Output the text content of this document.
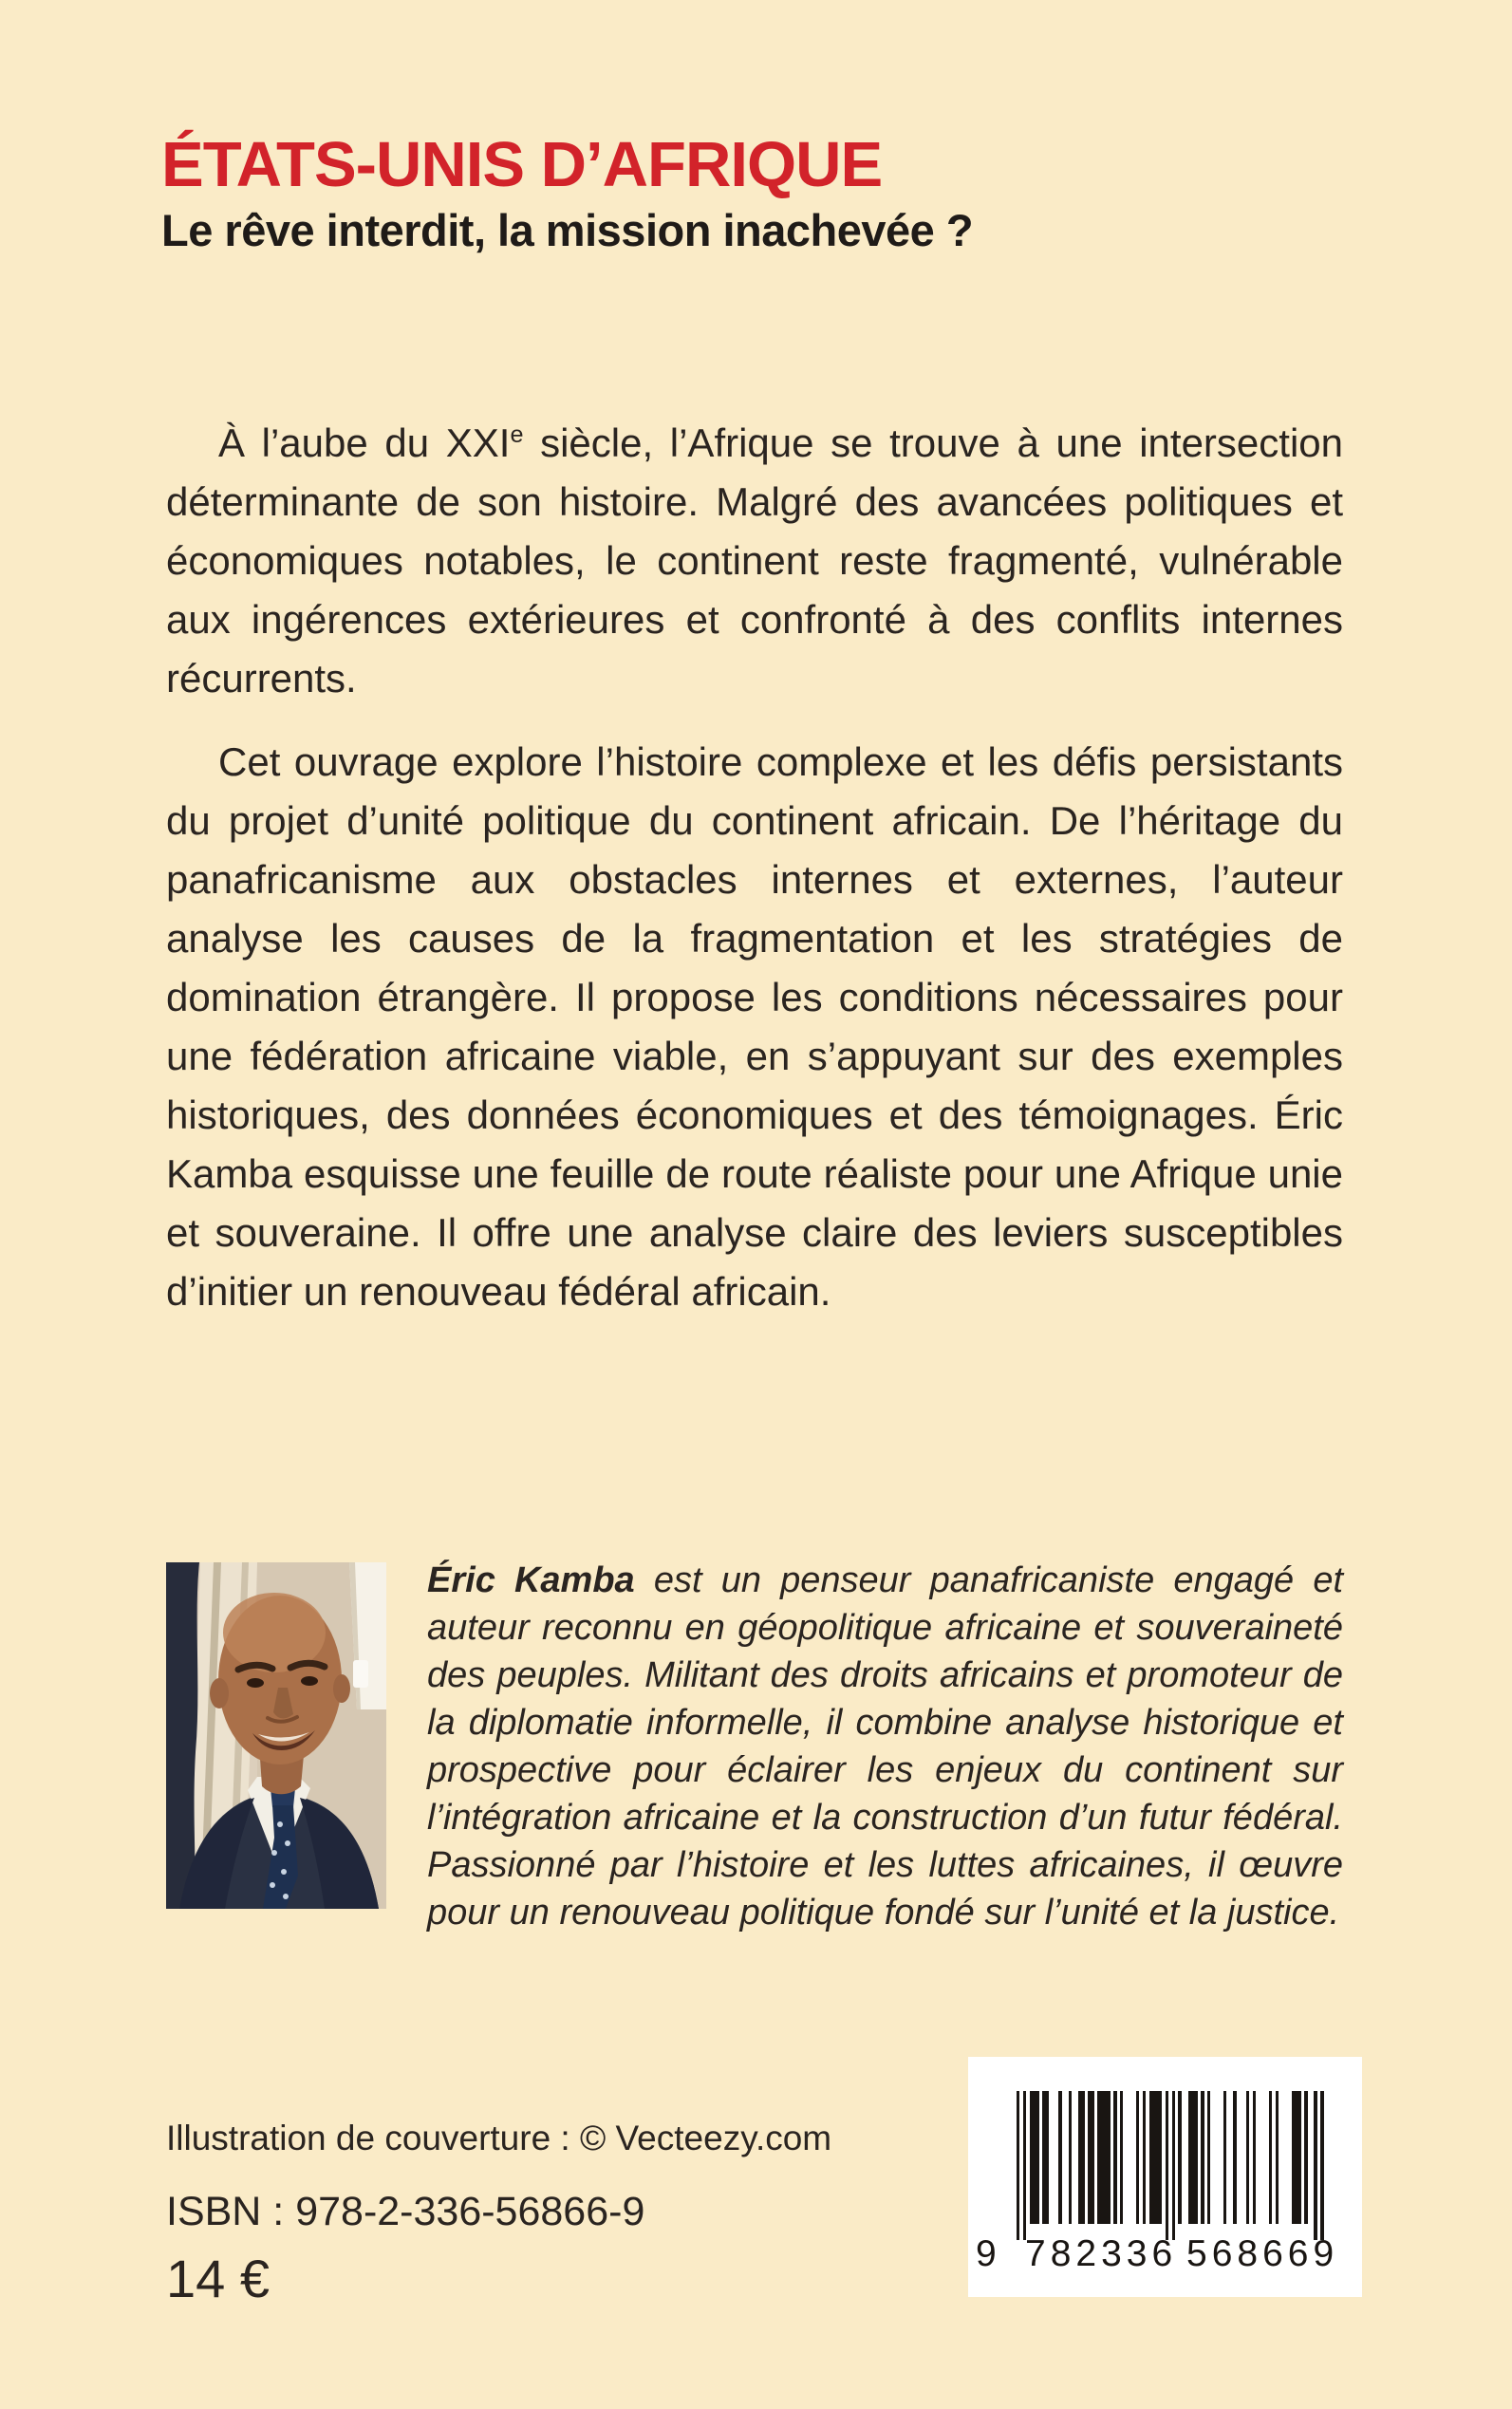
ÉTATS-UNIS D’AFRIQUE
Le rêve interdit, la mission inachevée ?

À l’aube du XXIe siècle, l’Afrique se trouve à une intersection déterminante de son histoire. Malgré des avancées politiques et économiques notables, le continent reste fragmenté, vulnérable aux ingérences extérieures et confronté à des conflits internes récurrents.

Cet ouvrage explore l’histoire complexe et les défis persistants du projet d’unité politique du continent africain. De l’héritage du panafricanisme aux obstacles internes et externes, l’auteur analyse les causes de la fragmentation et les stratégies de domination étrangère. Il propose les conditions nécessaires pour une fédération africaine viable, en s’appuyant sur des exemples historiques, des données économiques et des témoignages. Éric Kamba esquisse une feuille de route réaliste pour une Afrique unie et souveraine. Il offre une analyse claire des leviers susceptibles d’initier un renouveau fédéral africain.

Éric Kamba est un penseur panafricaniste engagé et auteur reconnu en géopolitique africaine et souveraineté des peuples. Militant des droits africains et promoteur de la diplomatie informelle, il combine analyse historique et prospective pour éclairer les enjeux du continent sur l’intégration africaine et la construction d’un futur fédéral. Passionné par l’histoire et les luttes africaines, il œuvre pour un renouveau politique fondé sur l’unité et la justice.

Illustration de couverture : © Vecteezy.com
ISBN : 978-2-336-56866-9
14 €	9 782336 568669
